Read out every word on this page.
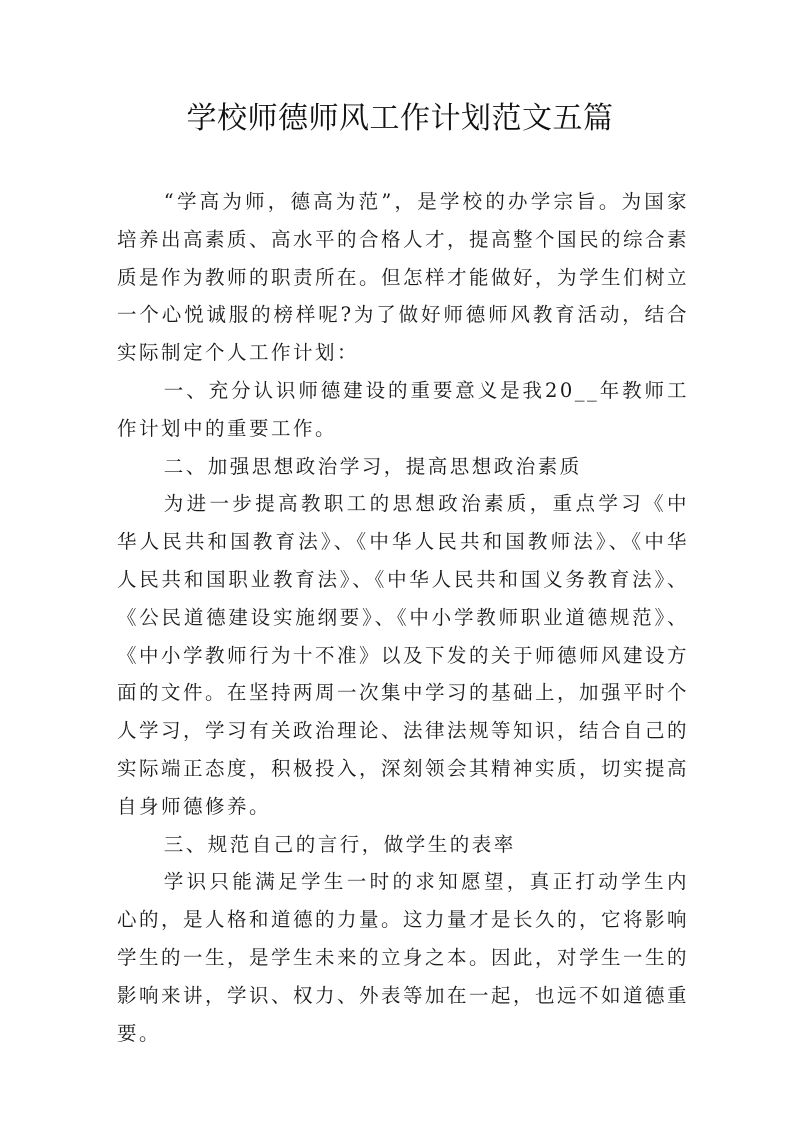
学校师德师风工作计划范文五篇

“学高为师，德高为范”，是学校的办学宗旨。为国家培养出高素质、高水平的合格人才，提高整个国民的综合素质是作为教师的职责所在。但怎样才能做好，为学生们树立一个心悦诚服的榜样呢?为了做好师德师风教育活动，结合实际制定个人工作计划：

一、充分认识师德建设的重要意义是我20__年教师工作计划中的重要工作。

二、加强思想政治学习，提高思想政治素质

为进一步提高教职工的思想政治素质，重点学习《中华人民共和国教育法》、《中华人民共和国教师法》、《中华人民共和国职业教育法》、《中华人民共和国义务教育法》、《公民道德建设实施纲要》、《中小学教师职业道德规范》、《中小学教师行为十不准》以及下发的关于师德师风建设方面的文件。在坚持两周一次集中学习的基础上，加强平时个人学习，学习有关政治理论、法律法规等知识，结合自己的实际端正态度，积极投入，深刻领会其精神实质，切实提高自身师德修养。

三、规范自己的言行，做学生的表率

学识只能满足学生一时的求知愿望，真正打动学生内心的，是人格和道德的力量。这力量才是长久的，它将影响学生的一生，是学生未来的立身之本。因此，对学生一生的影响来讲，学识、权力、外表等加在一起，也远不如道德重要。
